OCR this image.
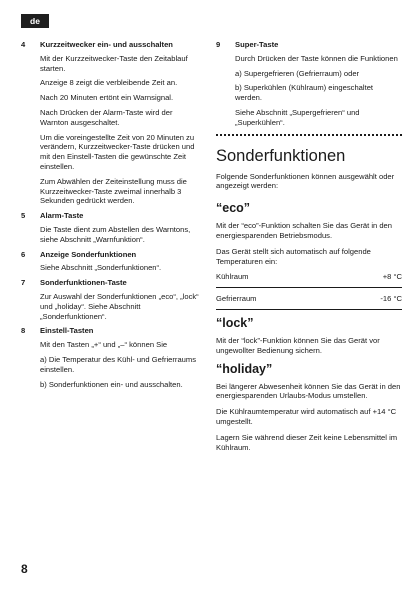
de
4 Kurzzeitwecker ein- und ausschalten

Mit der Kurzzeitwecker-Taste den Zeitablauf starten.

Anzeige 8 zeigt die verbleibende Zeit an.

Nach 20 Minuten ertönt ein Warnsignal.

Nach Drücken der Alarm-Taste wird der Warnton ausgeschaltet.

Um die voreingestellte Zeit von 20 Minuten zu verändern, Kurzzeitwecker-Taste drücken und mit den Einstell-Tasten die gewünschte Zeit einstellen.

Zum Abwählen der Zeiteinstellung muss die Kurzzeitwecker-Taste zweimal innerhalb 3 Sekunden gedrückt werden.

5 Alarm-Taste

Die Taste dient zum Abstellen des Warntons, siehe Abschnitt „Warnfunktion“.

6 Anzeige Sonderfunktionen

Siehe Abschnitt „Sonderfunktionen“.

7 Sonderfunktionen-Taste

Zur Auswahl der Sonderfunktionen „eco“, „lock“ und „holiday“. Siehe Abschnitt „Sonderfunktionen“.

8 Einstell-Tasten

Mit den Tasten „+“ und „–“ können Sie

a) Die Temperatur des Kühl- und Gefrierraums einstellen.

b) Sonderfunktionen ein- und ausschalten.

9 Super-Taste

Durch Drücken der Taste können die Funktionen

a) Supergefrieren (Gefrierraum) oder

b) Superkühlen (Kühlraum) eingeschaltet werden.

Siehe Abschnitt „Supergefrieren“ und „Superkühlen“.

Sonderfunktionen

Folgende Sonderfunktionen können ausgewählt oder angezeigt werden:

“eco”

Mit der “eco”-Funktion schalten Sie das Gerät in den energiesparenden Betriebsmodus.

Das Gerät stellt sich automatisch auf folgende Temperaturen ein:

Kühlraum	+8 °C
Gefrierraum	-16 °C
“lock”

Mit der “lock”-Funktion können Sie das Gerät vor ungewollter Bedienung sichern.

“holiday”

Bei längerer Abwesenheit können Sie das Gerät in den energiesparenden Urlaubs-Modus umstellen.

Die Kühlraumtemperatur wird automatisch auf +14 °C umgestellt.

Lagern Sie während dieser Zeit keine Lebensmittel im Kühlraum.

8
